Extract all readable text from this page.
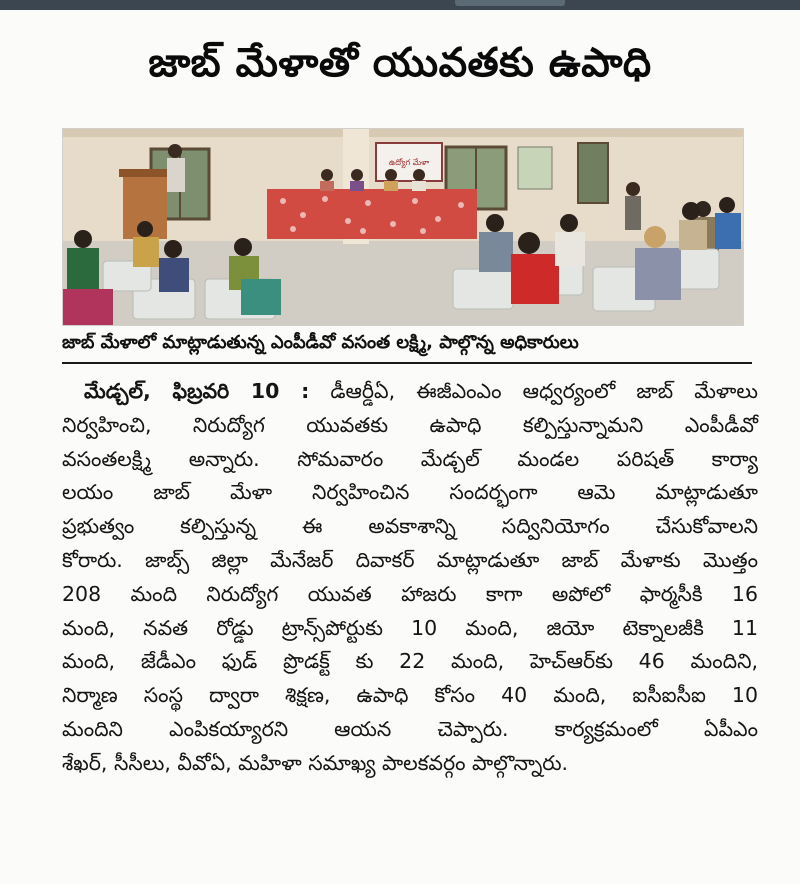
జాబ్ మేళాతో యువతకు ఉపాధి
ఉద్యోగ మేళా
జాబ్ మేళాలో మాట్లాడుతున్న ఎంపీడీవో వసంత లక్ష్మి, పాల్గొన్న అధికారులు
మేడ్చల్, ఫిబ్రవరి 10 : డీఆర్డీఏ, ఈజీఎంఎం ఆధ్వర్యంలో జాబ్ మేళాలు
నిర్వహించి, నిరుద్యోగ యువతకు ఉపాధి కల్పిస్తున్నామని ఎంపీడీవో
వసంతలక్ష్మి అన్నారు. సోమవారం మేడ్చల్ మండల పరిషత్ కార్యా
లయం జాబ్ మేళా నిర్వహించిన సందర్భంగా ఆమె మాట్లాడుతూ
ప్రభుత్వం కల్పిస్తున్న ఈ అవకాశాన్ని సద్వినియోగం చేసుకోవాలని
కోరారు. జాబ్స్ జిల్లా మేనేజర్ దివాకర్ మాట్లాడుతూ జాబ్ మేళాకు మొత్తం
208 మంది నిరుద్యోగ యువత హాజరు కాగా అపోలో ఫార్మసీకి 16
మంది, నవత రోడ్డు ట్రాన్స్‌పోర్టుకు 10 మంది, జియో టెక్నాలజీకి 11
మంది, జేడీఎం ఫుడ్ ప్రొడక్ట్ కు 22 మంది, హెచ్ఆర్‌కు 46 మందిని,
నిర్మాణ సంస్థ ద్వారా శిక్షణ, ఉపాధి కోసం 40 మంది, ఐసీఐసీఐ 10
మందిని ఎంపికయ్యారని ఆయన చెప్పారు. కార్యక్రమంలో ఏపీఎం
శేఖర్, సీసీలు, వీవోఏ, మహిళా సమాఖ్య పాలకవర్గం పాల్గొన్నారు.
